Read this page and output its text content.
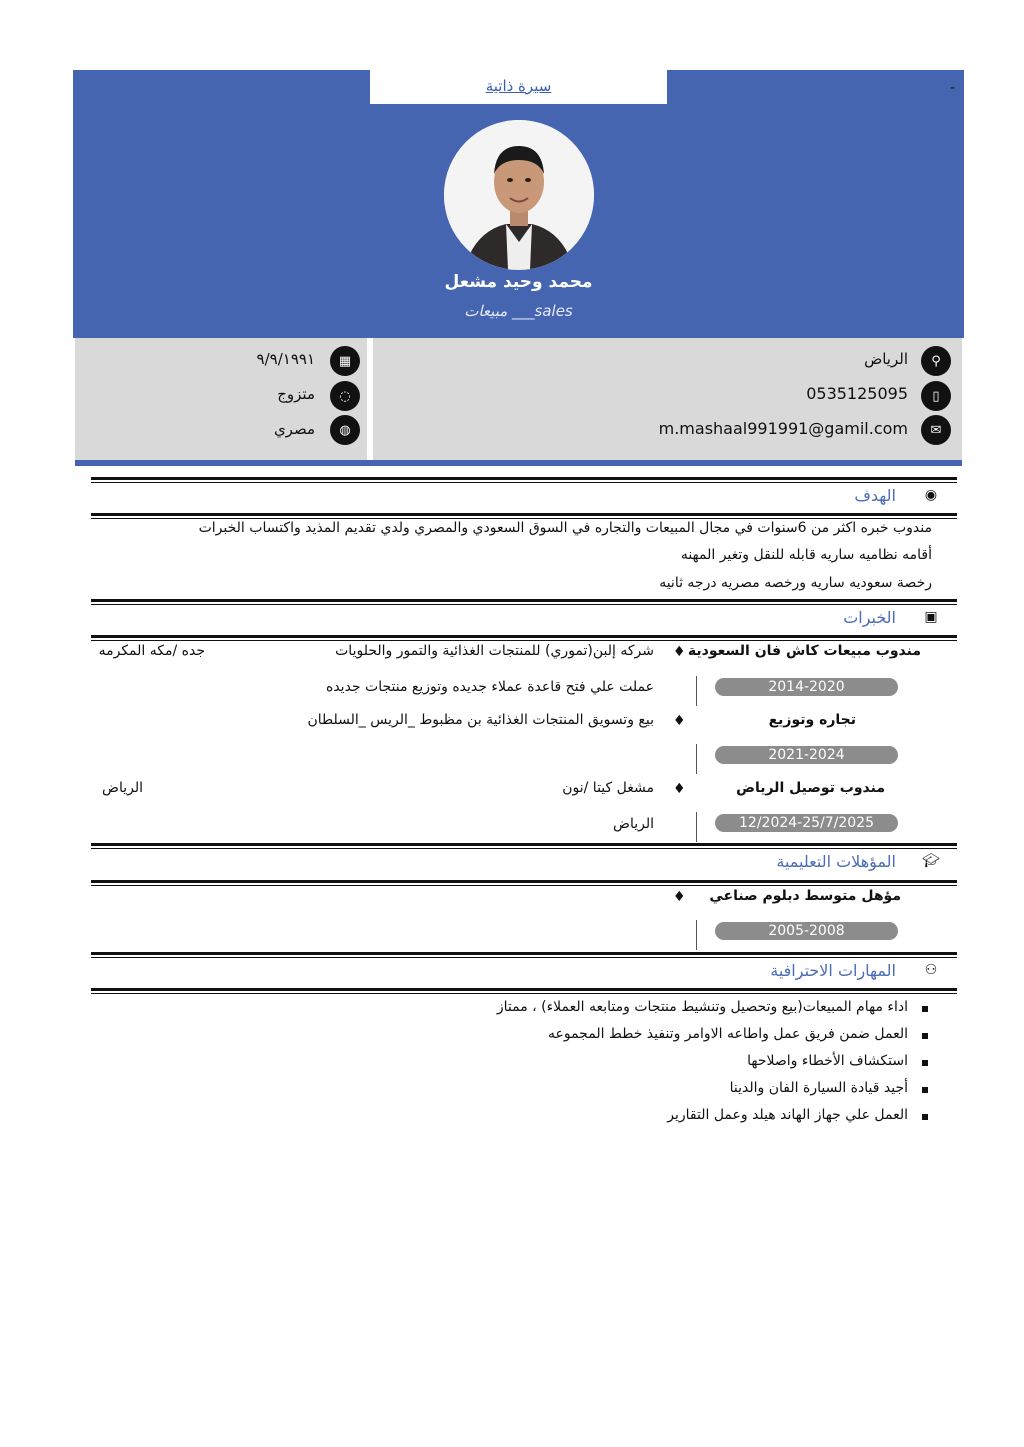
سيرة ذاتية	-
محمد وحيد مشعل
مبيعات ___sales
⚲
الرياض
▯
0535125095
✉
m.mashaal991991@gamil.com
▦
٩/٩/١٩٩١
◌
متزوج
◍
مصري
◉
الهدف
مندوب خبره اكثر من 6سنوات في مجال المبيعات والتجاره في السوق السعودي والمصري ولدي تقديم المذيد واكتساب الخبرات
أقامه نظاميه ساريه قابله للنقل وتغير المهنه
رخصة سعوديه ساريه ورخصه مصريه درجه ثانيه
▣
الخبرات
مندوب مبيعات كاش فان السعودية
♦
شركه إلبن(تموري) للمنتجات الغذائية والتمور والحلويات
جده /مكه المكرمه
2014-2020
عملت علي فتح قاعدة عملاء جديده وتوزيع منتجات جديده
تجاره وتوزيع
♦
بيع وتسويق المنتجات الغذائية بن مظبوط _الريس _السلطان
2021-2024
مندوب توصيل الرياض
♦
مشغل كيتا /نون
الرياض
12/2024-25/7/2025
الرياض
🎓︎
المؤهلات التعليمية
مؤهل متوسط دبلوم صناعي
♦
2005-2008
⚇
المهارات الاحترافية
اداء مهام المبيعات(بيع وتحصيل وتنشيط منتجات ومتابعه العملاء) ، ممتاز
العمل ضمن فريق عمل واطاعه الاوامر وتنفيذ خطط المجموعه
استكشاف الأخطاء واصلاحها
أجيد قيادة السيارة الفان والدينا
العمل علي جهاز الهاند هيلد وعمل التقارير
